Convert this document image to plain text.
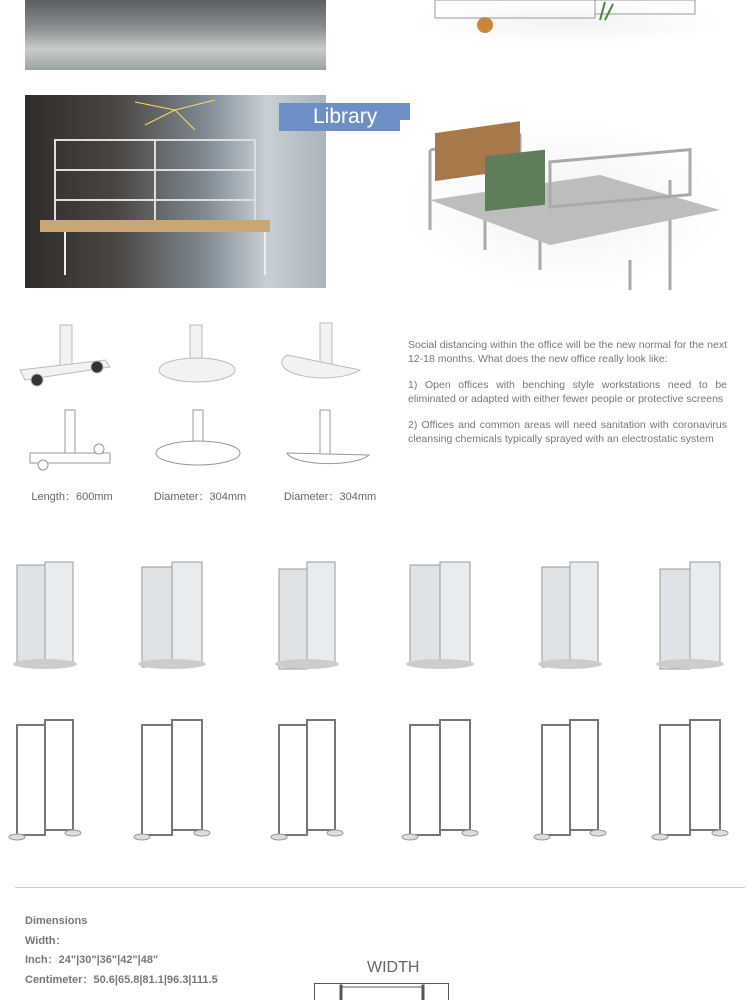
Library
Length：600mm	Diameter：304mm	Diameter：304mm

Social distancing within the office will be the new normal for the next 12-18 months. What does the new office really look like:

1) Open offices with benching style workstations need to be eliminated or adapted with either fewer people or protective screens

2) Offices and common areas will need sanitation with coronavirus cleansing chemicals typically sprayed with an electrostatic system

Dimensions
Width：
Inch：24"|30"|36"|42"|48"
Centimeter：50.6|65.8|81.1|96.3|111.5
WIDTH
